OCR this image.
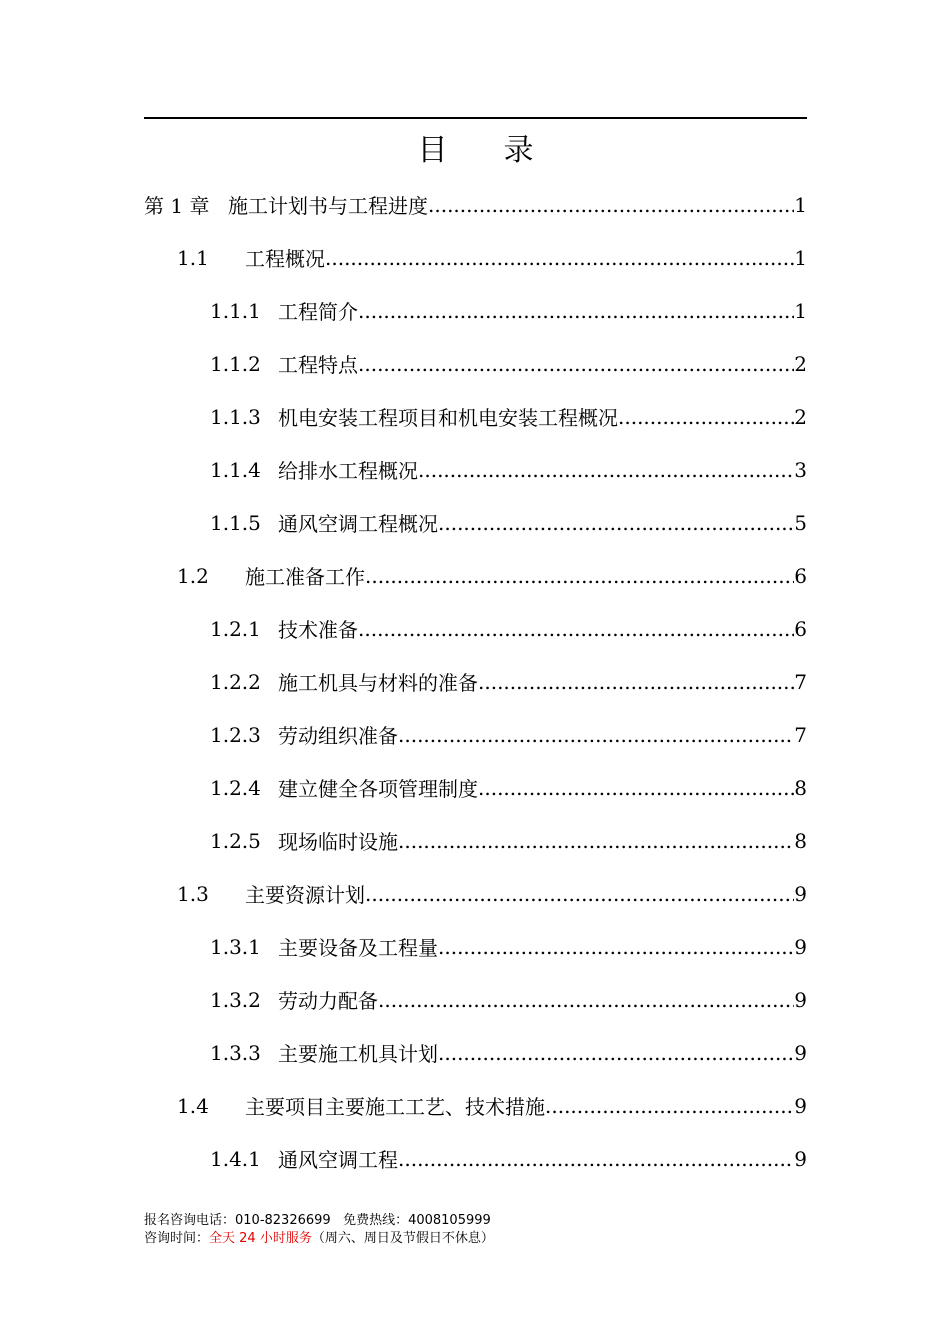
目 录
第 1 章 施工计划书与工程进度 .....	1
1.1	工程概况 .....	1
1.1.1 工程简介 .....	1
1.1.2 工程特点 .....	2
1.1.3 机电安装工程项目和机电安装工程概况 .....	2
1.1.4 给排水工程概况 .....	3
1.1.5 通风空调工程概况 .....	5
1.2	施工准备工作 .....	6
1.2.1 技术准备 .....	6
1.2.2 施工机具与材料的准备 .....	7
1.2.3 劳动组织准备 .....	7
1.2.4 建立健全各项管理制度 .....	8
1.2.5 现场临时设施 .....	8
1.3	主要资源计划 .....	9
1.3.1 主要设备及工程量 .....	9
1.3.2 劳动力配备 .....	9
1.3.3 主要施工机具计划 .....	9
1.4	主要项目主要施工工艺、技术措施 .....	9
1.4.1 通风空调工程 .....	9
报名咨询电话：010-82326699   免费热线：4008105999
咨询时间：全天 24 小时服务（周六、周日及节假日不休息）
